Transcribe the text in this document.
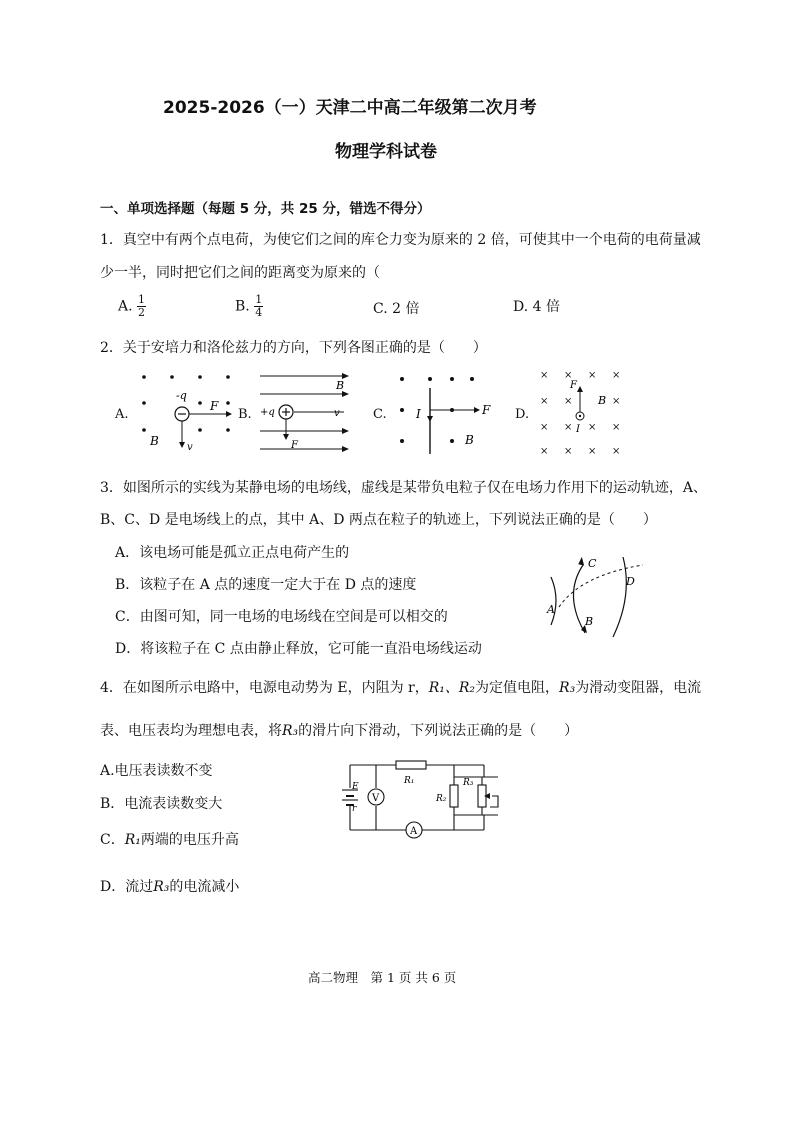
2025-2026（一）天津二中高二年级第二次月考
物理学科试卷
一、单项选择题（每题 5 分，共 25 分，错选不得分）
1．真空中有两个点电荷，为使它们之间的库仑力变为原来的 2 倍，可使其中一个电荷的电荷量减
少一半，同时把它们之间的距离变为原来的（
A. $\frac{1}{2}$	B. $\frac{1}{4}$	C. 2 倍	D. 4 倍
2．关于安培力和洛伦兹力的方向，下列各图正确的是（　　）
A.
-q
F
v
B
B.
B
+q	v
F
C. I	F
B
D.
× × × ×
× ×	×
× × × ×
× × × ×
F
B
I
3．如图所示的实线为某静电场的电场线，虚线是某带负电粒子仅在电场力作用下的运动轨迹，A、
B、C、D 是电场线上的点，其中 A、D 两点在粒子的轨迹上，下列说法正确的是（　　）
A．该电场可能是孤立正点电荷产生的
B．该粒子在 A 点的速度一定大于在 D 点的速度
C．由图可知，同一电场的电场线在空间是可以相交的
D．将该粒子在 C 点由静止释放，它可能一直沿电场线运动
A
B
C
D
4．在如图所示电路中，电源电动势为 E，内阻为 r，R₁、R₂为定值电阻，R₃为滑动变阻器，电流
表、电压表均为理想电表，将R₃的滑片向下滑动，下列说法正确的是（　　）
A.电压表读数不变
B．电流表读数变大
C．R₁两端的电压升高
D．流过R₃的电流减小
E
r
V
A
R₁
R₂
R₃
高二物理　第 1 页 共 6 页
